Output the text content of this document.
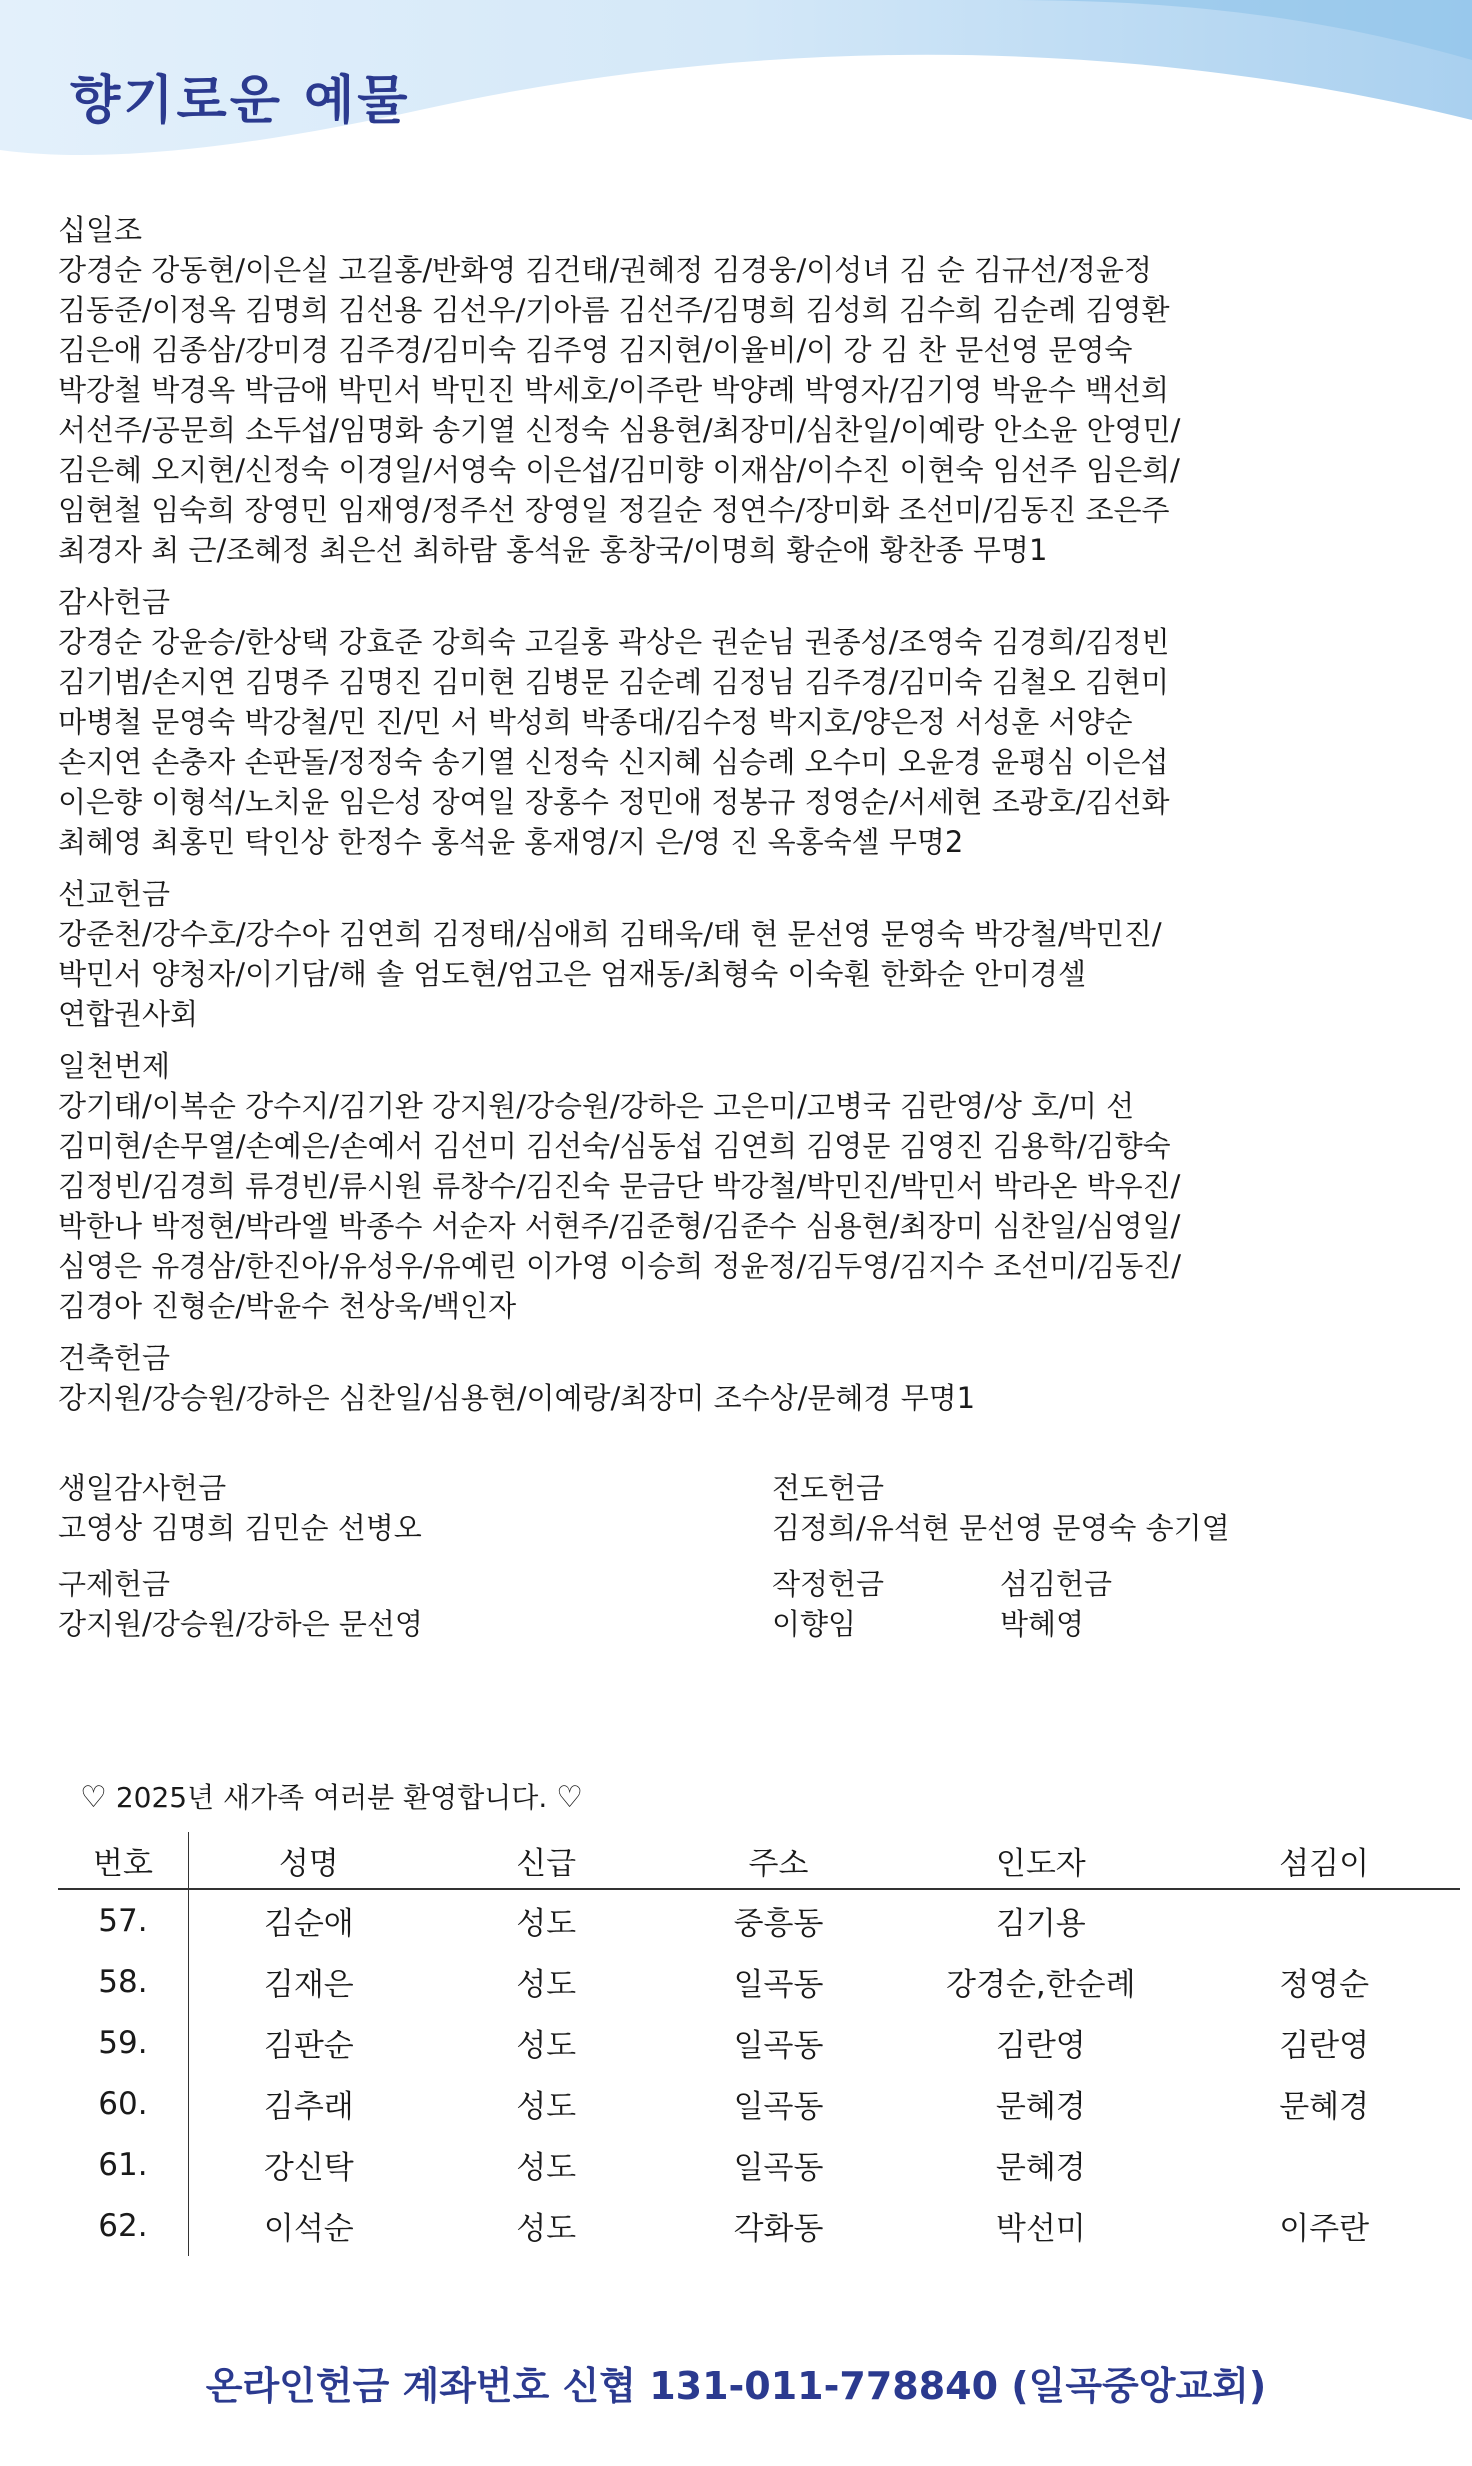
향기로운 예물
십일조
강경순 강동현/이은실 고길홍/반화영 김건태/권혜정 김경웅/이성녀 김 순 김규선/정윤정
김동준/이정옥 김명희 김선용 김선우/기아름 김선주/김명희 김성희 김수희 김순례 김영환
김은애 김종삼/강미경 김주경/김미숙 김주영 김지현/이율비/이 강 김 찬 문선영 문영숙
박강철 박경옥 박금애 박민서 박민진 박세호/이주란 박양례 박영자/김기영 박윤수 백선희
서선주/공문희 소두섭/임명화 송기열 신정숙 심용현/최장미/심찬일/이예랑 안소윤 안영민/
김은혜 오지현/신정숙 이경일/서영숙 이은섭/김미향 이재삼/이수진 이현숙 임선주 임은희/
임현철 임숙희 장영민 임재영/정주선 장영일 정길순 정연수/장미화 조선미/김동진 조은주
최경자 최 근/조혜정 최은선 최하람 홍석윤 홍창국/이명희 황순애 황찬종 무명1
감사헌금
강경순 강윤승/한상택 강효준 강희숙 고길홍 곽상은 권순님 권종성/조영숙 김경희/김정빈
김기범/손지연 김명주 김명진 김미현 김병문 김순례 김정님 김주경/김미숙 김철오 김현미
마병철 문영숙 박강철/민 진/민 서 박성희 박종대/김수정 박지호/양은정 서성훈 서양순
손지연 손충자 손판돌/정정숙 송기열 신정숙 신지혜 심승례 오수미 오윤경 윤평심 이은섭
이은향 이형석/노치윤 임은성 장여일 장홍수 정민애 정봉규 정영순/서세현 조광호/김선화
최혜영 최홍민 탁인상 한정수 홍석윤 홍재영/지 은/영 진 옥홍숙셀 무명2
선교헌금
강준천/강수호/강수아 김연희 김정태/심애희 김태욱/태 현 문선영 문영숙 박강철/박민진/
박민서 양청자/이기담/해 솔 엄도현/엄고은 엄재동/최형숙 이숙훤 한화순 안미경셀
연합권사회
일천번제
강기태/이복순 강수지/김기완 강지원/강승원/강하은 고은미/고병국 김란영/상 호/미 선
김미현/손무열/손예은/손예서 김선미 김선숙/심동섭 김연희 김영문 김영진 김용학/김향숙
김정빈/김경희 류경빈/류시원 류창수/김진숙 문금단 박강철/박민진/박민서 박라온 박우진/
박한나 박정현/박라엘 박종수 서순자 서현주/김준형/김준수 심용현/최장미 심찬일/심영일/
심영은 유경삼/한진아/유성우/유예린 이가영 이승희 정윤정/김두영/김지수 조선미/김동진/
김경아 진형순/박윤수 천상욱/백인자
건축헌금
강지원/강승원/강하은 심찬일/심용현/이예랑/최장미 조수상/문혜경 무명1
생일감사헌금
고영상 김명희 김민순 선병오
구제헌금
강지원/강승원/강하은 문선영
전도헌금
김정희/유석현 문선영 문영숙 송기열
작정헌금
이향임
섬김헌금
박혜영
♡ 2025년 새가족 여러분 환영합니다. ♡
번호	성명	신급	주소	인도자	섬김이
57.	김순애	성도	중흥동	김기용
58.	김재은	성도	일곡동	강경순,한순례	정영순
59.	김판순	성도	일곡동	김란영	김란영
60.	김추래	성도	일곡동	문혜경	문혜경
61.	강신탁	성도	일곡동	문혜경
62.	이석순	성도	각화동	박선미	이주란
온라인헌금 계좌번호 신협 131-011-778840 (일곡중앙교회)
